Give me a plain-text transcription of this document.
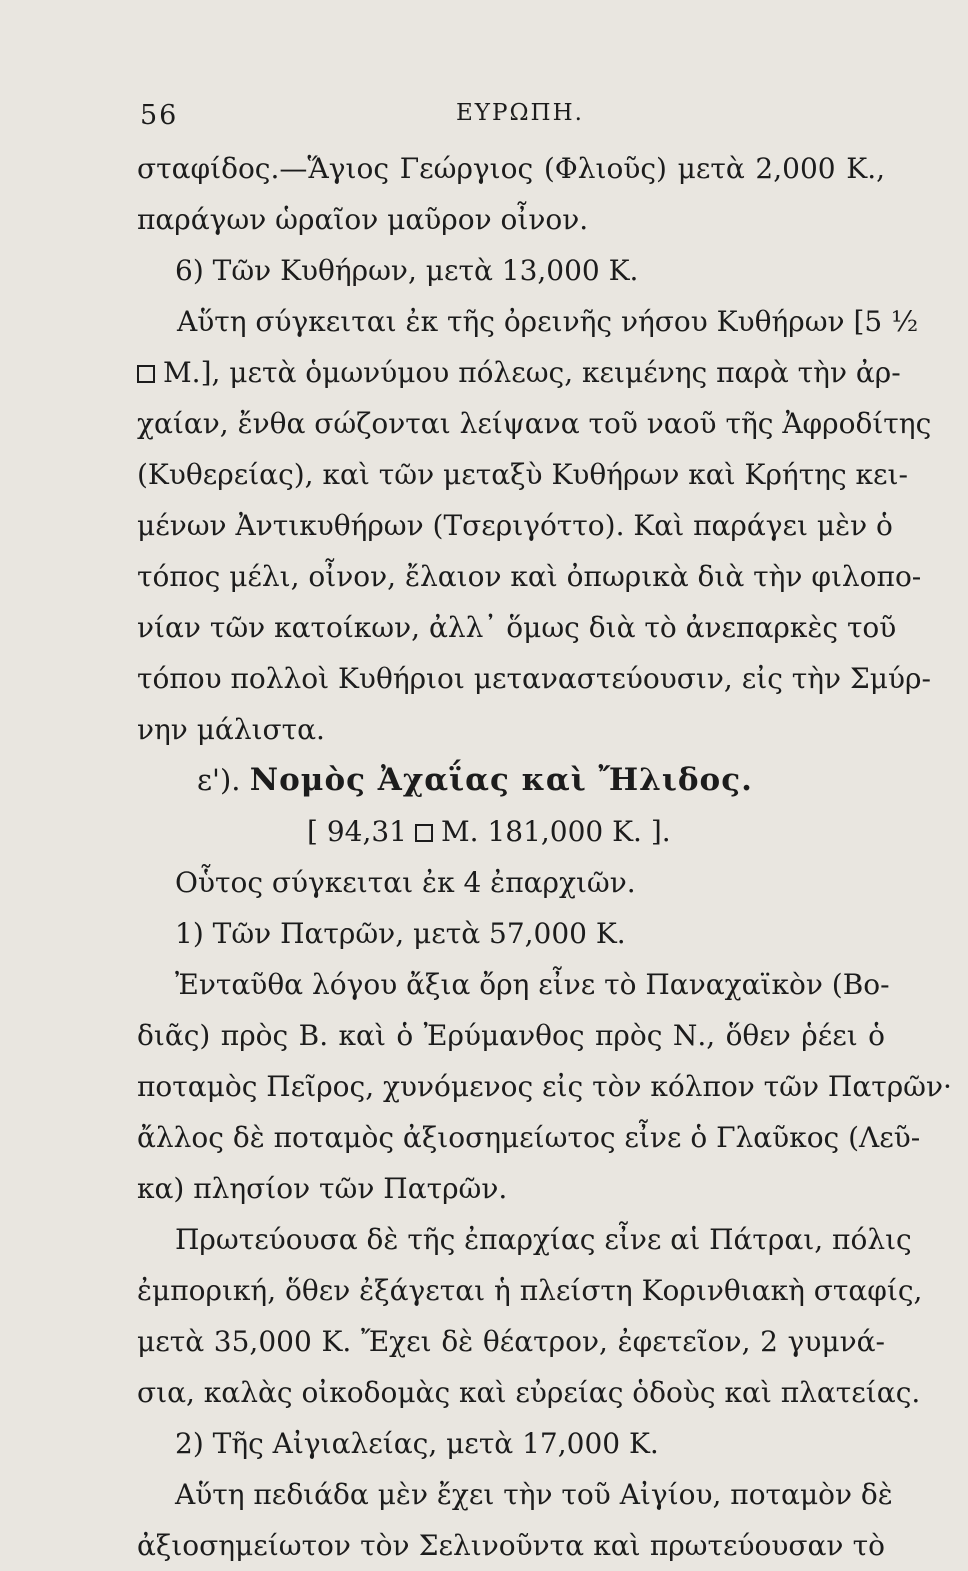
56	ΕΥΡΩΠΗ.
σταφίδος.—Ἅγιος Γεώργιος (Φλιοῦς) μετὰ 2,000 Κ.,
παράγων ὡραῖον μαῦρον οἶνον.
6) Τῶν Κυθήρων, μετὰ 13,000 Κ.
Αὕτη σύγκειται ἐκ τῆς ὀρεινῆς νήσου Κυθήρων [5 ½
Μ.], μετὰ ὁμωνύμου πόλεως, κειμένης παρὰ τὴν ἀρ-
χαίαν, ἔνθα σώζονται λείψανα τοῦ ναοῦ τῆς Ἀφροδίτης
(Κυθερείας), καὶ τῶν μεταξὺ Κυθήρων καὶ Κρήτης κει-
μένων Ἀντικυθήρων (Τσεριγόττο). Καὶ παράγει μὲν ὁ
τόπος μέλι, οἶνον, ἔλαιον καὶ ὀπωρικὰ διὰ τὴν φιλοπο-
νίαν τῶν κατοίκων, ἀλλ᾽ ὅμως διὰ τὸ ἀνεπαρκὲς τοῦ
τόπου πολλοὶ Κυθήριοι μεταναστεύουσιν, εἰς τὴν Σμύρ-
νην μάλιστα.
ε'). Νομὸς Ἀχαΐας καὶ Ἤλιδος.
[ 94,31 Μ. 181,000 Κ. ].
Οὗτος σύγκειται ἐκ 4 ἐπαρχιῶν.
1) Τῶν Πατρῶν, μετὰ 57,000 Κ.
Ἐνταῦθα λόγου ἄξια ὄρη εἶνε τὸ Παναχαϊκὸν (Βο-
διᾶς) πρὸς Β. καὶ ὁ Ἐρύμανθος πρὸς Ν., ὅθεν ῥέει ὁ
ποταμὸς Πεῖρος, χυνόμενος εἰς τὸν κόλπον τῶν Πατρῶν·
ἄλλος δὲ ποταμὸς ἀξιοσημείωτος εἶνε ὁ Γλαῦκος (Λεῦ-
κα) πλησίον τῶν Πατρῶν.
Πρωτεύουσα δὲ τῆς ἐπαρχίας εἶνε αἱ Πάτραι, πόλις
ἐμπορική, ὅθεν ἐξάγεται ἡ πλείστη Κορινθιακὴ σταφίς,
μετὰ 35,000 Κ. Ἔχει δὲ θέατρον, ἐφετεῖον, 2 γυμνά-
σια, καλὰς οἰκοδομὰς καὶ εὐρείας ὁδοὺς καὶ πλατείας.
2) Τῆς Αἰγιαλείας, μετὰ 17,000 Κ.
Αὕτη πεδιάδα μὲν ἔχει τὴν τοῦ Αἰγίου, ποταμὸν δὲ
ἀξιοσημείωτον τὸν Σελινοῦντα καὶ πρωτεύουσαν τὸ
